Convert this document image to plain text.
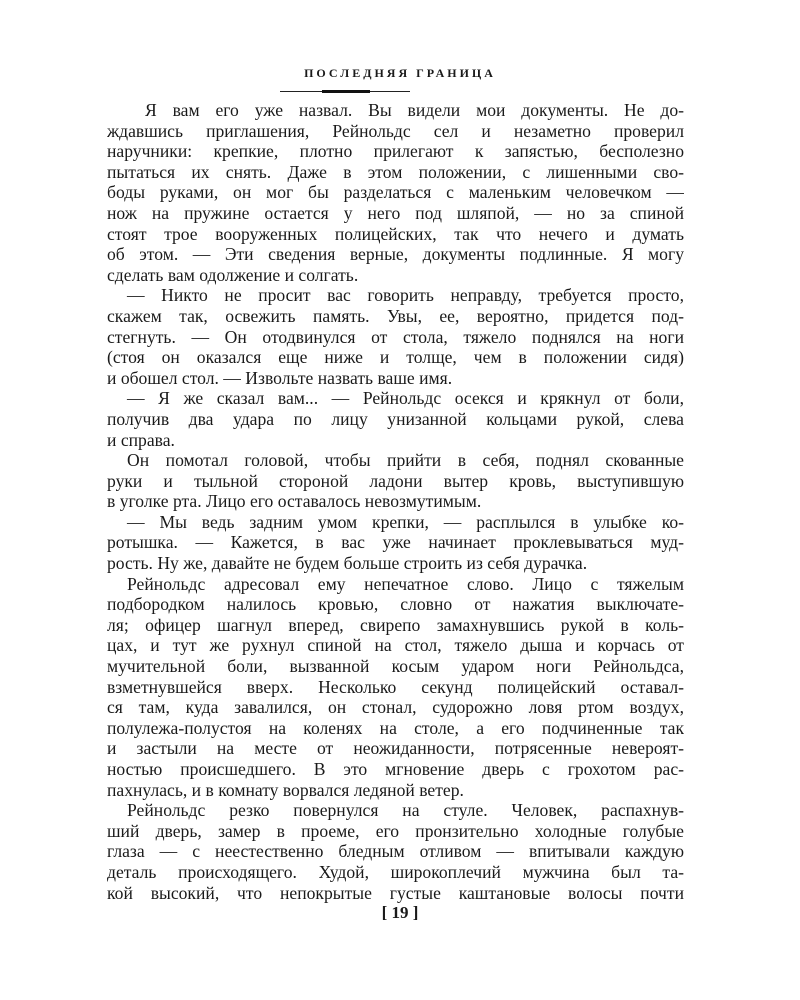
ПОСЛЕДНЯЯ ГРАНИЦА
Я вам его уже назвал. Вы видели мои документы. Не до-
ждавшись приглашения, Рейнольдс сел и незаметно проверил
наручники: крепкие, плотно прилегают к запястью, бесполезно
пытаться их снять. Даже в этом положении, с лишенными сво-
боды руками, он мог бы разделаться с маленьким человечком —
нож на пружине остается у него под шляпой, — но за спиной
стоят трое вооруженных полицейских, так что нечего и думать
об этом. — Эти сведения верные, документы подлинные. Я могу
сделать вам одолжение и солгать.
— Никто не просит вас говорить неправду, требуется просто,
скажем так, освежить память. Увы, ее, вероятно, придется под-
стегнуть. — Он отодвинулся от стола, тяжело поднялся на ноги
(стоя он оказался еще ниже и толще, чем в положении сидя)
и обошел стол. — Извольте назвать ваше имя.
— Я же сказал вам... — Рейнольдс осекся и крякнул от боли,
получив два удара по лицу унизанной кольцами рукой, слева
и справа.
Он помотал головой, чтобы прийти в себя, поднял скованные
руки и тыльной стороной ладони вытер кровь, выступившую
в уголке рта. Лицо его оставалось невозмутимым.
— Мы ведь задним умом крепки, — расплылся в улыбке ко-
ротышка. — Кажется, в вас уже начинает проклевываться муд-
рость. Ну же, давайте не будем больше строить из себя дурачка.
Рейнольдс адресовал ему непечатное слово. Лицо с тяжелым
подбородком налилось кровью, словно от нажатия выключате-
ля; офицер шагнул вперед, свирепо замахнувшись рукой в коль-
цах, и тут же рухнул спиной на стол, тяжело дыша и корчась от
мучительной боли, вызванной косым ударом ноги Рейнольдса,
взметнувшейся вверх. Несколько секунд полицейский оставал-
ся там, куда завалился, он стонал, судорожно ловя ртом воздух,
полулежа-полустоя на коленях на столе, а его подчиненные так
и застыли на месте от неожиданности, потрясенные невероят-
ностью происшедшего. В это мгновение дверь с грохотом рас-
пахнулась, и в комнату ворвался ледяной ветер.
Рейнольдс резко повернулся на стуле. Человек, распахнув-
ший дверь, замер в проеме, его пронзительно холодные голубые
глаза — с неестественно бледным отливом — впитывали каждую
деталь происходящего. Худой, широкоплечий мужчина был та-
кой высокий, что непокрытые густые каштановые волосы почти
[ 19 ]
